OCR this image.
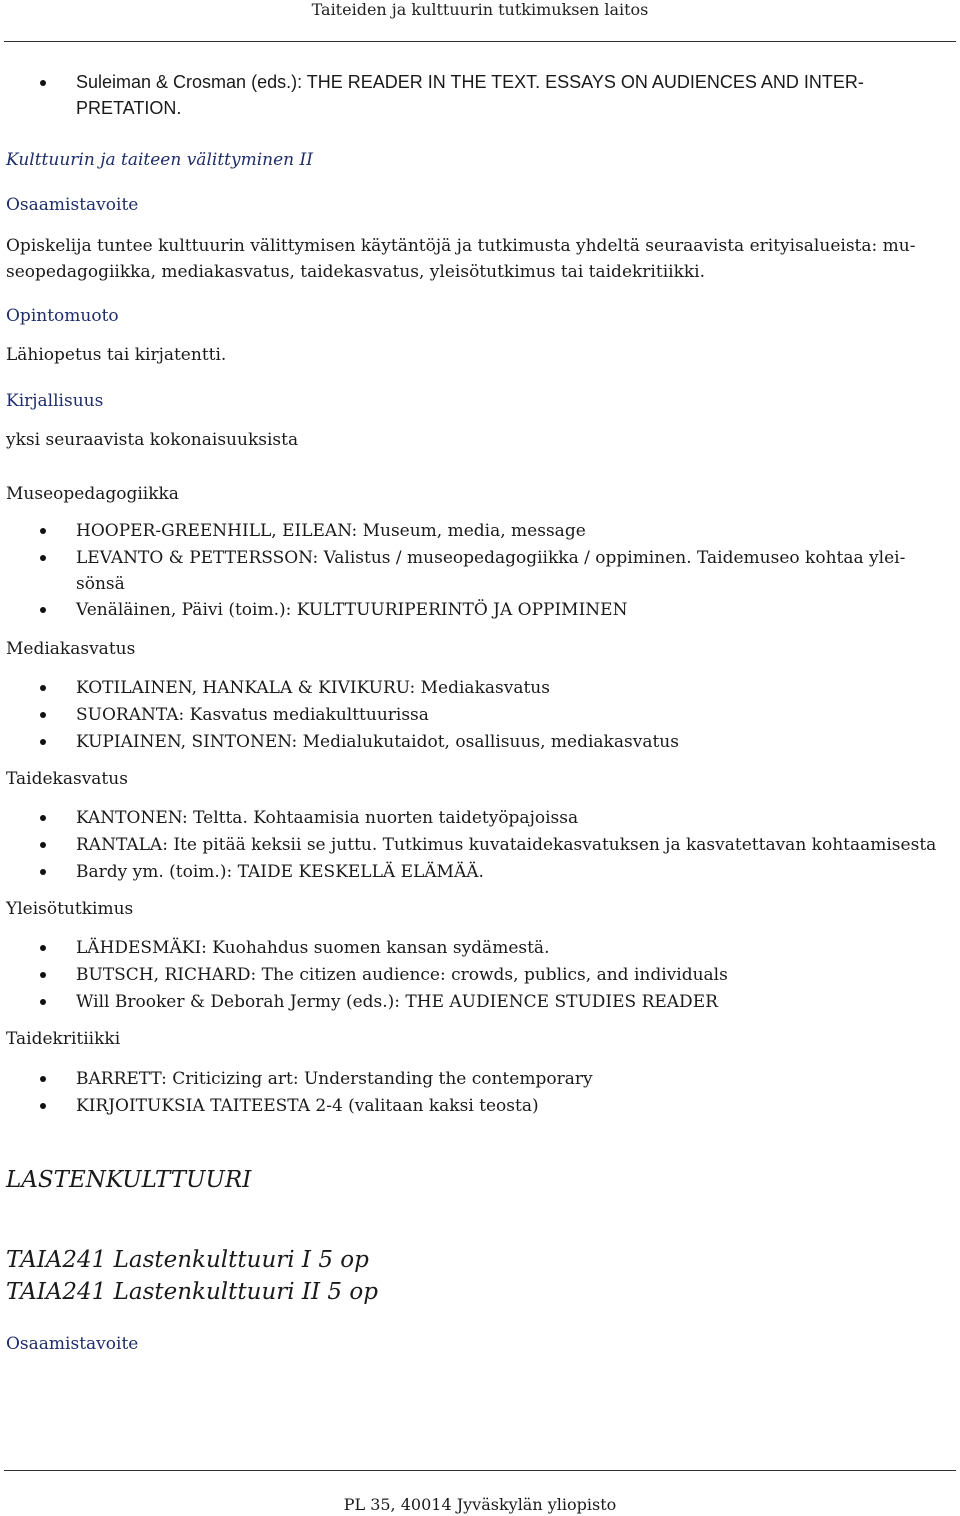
Taiteiden ja kulttuurin tutkimuksen laitos
Suleiman & Crosman (eds.): THE READER IN THE TEXT. ESSAYS ON AUDIENCES AND INTER-
PRETATION.
Kulttuurin ja taiteen välittyminen II
Osaamistavoite
Opiskelija tuntee kulttuurin välittymisen käytäntöjä ja tutkimusta yhdeltä seuraavista erityisalueista: mu-
seopedagogiikka, mediakasvatus, taidekasvatus, yleisötutkimus tai taidekritiikki.
Opintomuoto
Lähiopetus tai kirjatentti.
Kirjallisuus
yksi seuraavista kokonaisuuksista
Museopedagogiikka
HOOPER-GREENHILL, EILEAN: Museum, media, message
LEVANTO & PETTERSSON: Valistus / museopedagogiikka / oppiminen. Taidemuseo kohtaa ylei-
sönsä
Venäläinen, Päivi (toim.): KULTTUURIPERINTÖ JA OPPIMINEN
Mediakasvatus
KOTILAINEN, HANKALA & KIVIKURU: Mediakasvatus
SUORANTA: Kasvatus mediakulttuurissa
KUPIAINEN, SINTONEN: Medialukutaidot, osallisuus, mediakasvatus
Taidekasvatus
KANTONEN: Teltta. Kohtaamisia nuorten taidetyöpajoissa
RANTALA: Ite pitää keksii se juttu. Tutkimus kuvataidekasvatuksen ja kasvatettavan kohtaamisesta
Bardy ym. (toim.): TAIDE KESKELLÄ ELÄMÄÄ.
Yleisötutkimus
LÄHDESMÄKI: Kuohahdus suomen kansan sydämestä.
BUTSCH, RICHARD: The citizen audience: crowds, publics, and individuals
Will Brooker & Deborah Jermy (eds.): THE AUDIENCE STUDIES READER
Taidekritiikki
BARRETT: Criticizing art: Understanding the contemporary
KIRJOITUKSIA TAITEESTA 2-4 (valitaan kaksi teosta)
LASTENKULTTUURI
TAIA241 Lastenkulttuuri I 5 op
TAIA241 Lastenkulttuuri II 5 op
Osaamistavoite
PL 35, 40014 Jyväskylän yliopisto
